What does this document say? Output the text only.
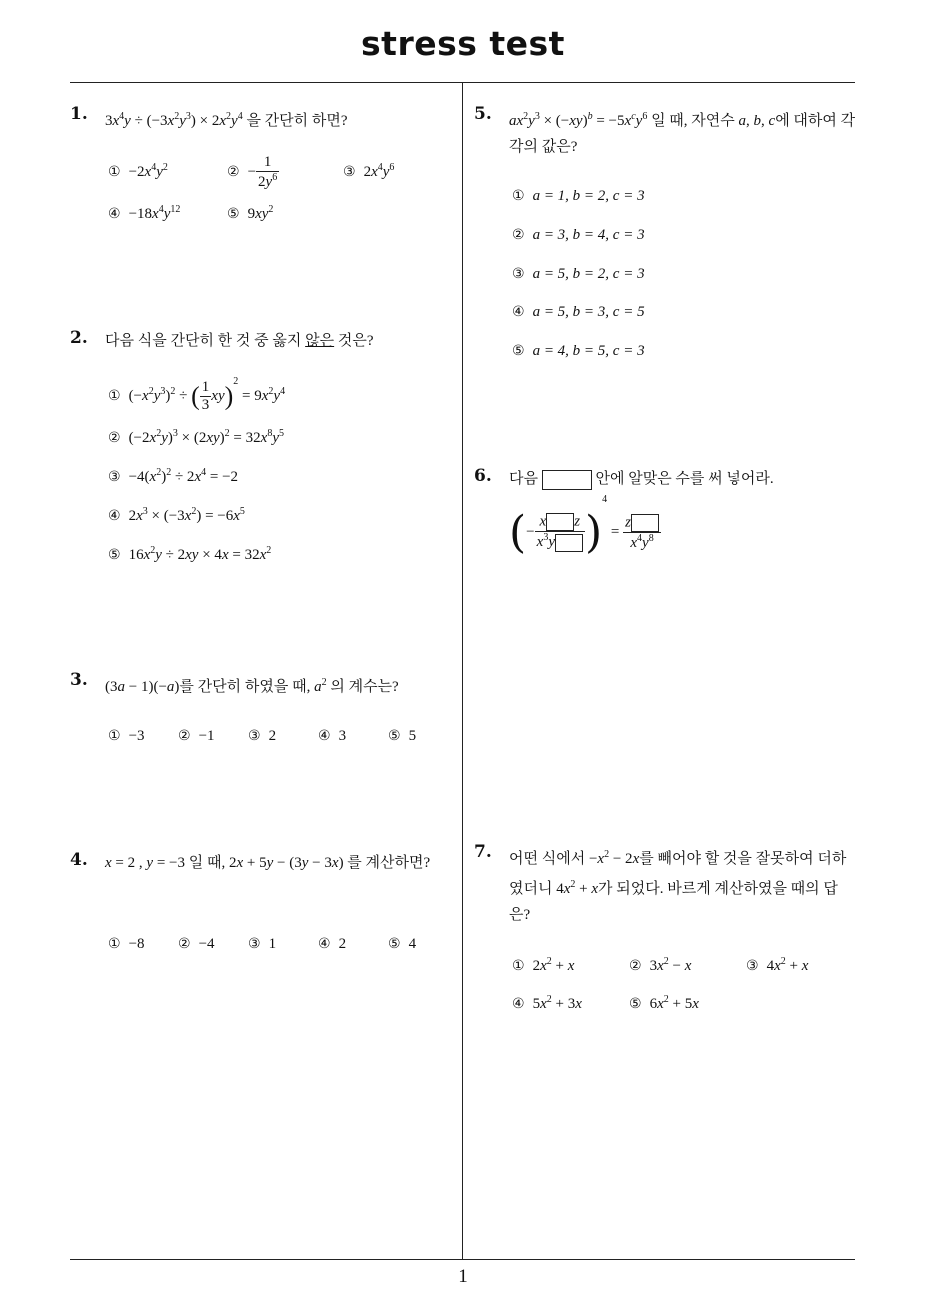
stress test
1
1. $3x^4y \div (-3x^2y^3) \times 2x^2y^4$ 을 간단히 하면?
① $-2x^4y^2$	② − $\frac{1}{2y^6}$	③ $2x^4y^6$
④ $-18x^4y^{12}$	⑤ $9xy^2$
2. 다음 식을 간단히 한 것 중 옳지 않은 것은?
① $(-x^2y^3)^2$ ÷ ( $\frac{1}{3} xy)^2 = 9x^2y^4$
② $(-2x^2y)^3 \times (2xy)^2 = 32x^8y^5$
③ $-4(x^2)^2 \div 2x^4 = -2$
④ $2x^3 \times (-3x^2) = -6x^5$
⑤ $16x^2y \div 2xy \times 4x = 32x^2$
3. (3a − 1)(−a)를 간단히 하였을 때, $a^2$ 의 계수는?
① −3 ② −1 ③ 2	④ 3	⑤ 5
4. x = 2 , y = −3 일 때, 2x + 5y − (3y − 3x) 를 계산하면?
① −8 ② −4 ③ 1	④ 2	⑤ 4
5. $ax^2y^3 \times (-xy)^b = -5x^cy^6$ 일 때, 자연수 a, b, c에 대하여 각각의 값은?
① a = 1, b = 2, c = 3
② a = 3, b = 4, c = 3
③ a = 5, b = 2, c = 3
④ a = 5, b = 3, c = 5
⑤ a = 4, b = 5, c = 3
6. 다음	안에 알맞은 수를 써 넣어라.
(− $\frac{\text{x z}}{x^3y} )^4 = \frac{z}{x^4y^8}$
7. 어떤 식에서 $-x^2 - 2x$를 빼어야 할 것을 잘못하여 더하였더니 $4x^2 + x$가 되었다. 바르게 계산하였을 때의 답은?
① $2x^2 + x$	② $3x^2 - x$	③ $4x^2 + x$
④ $5x^2 + 3x$	⑤ $6x^2 + 5x$
